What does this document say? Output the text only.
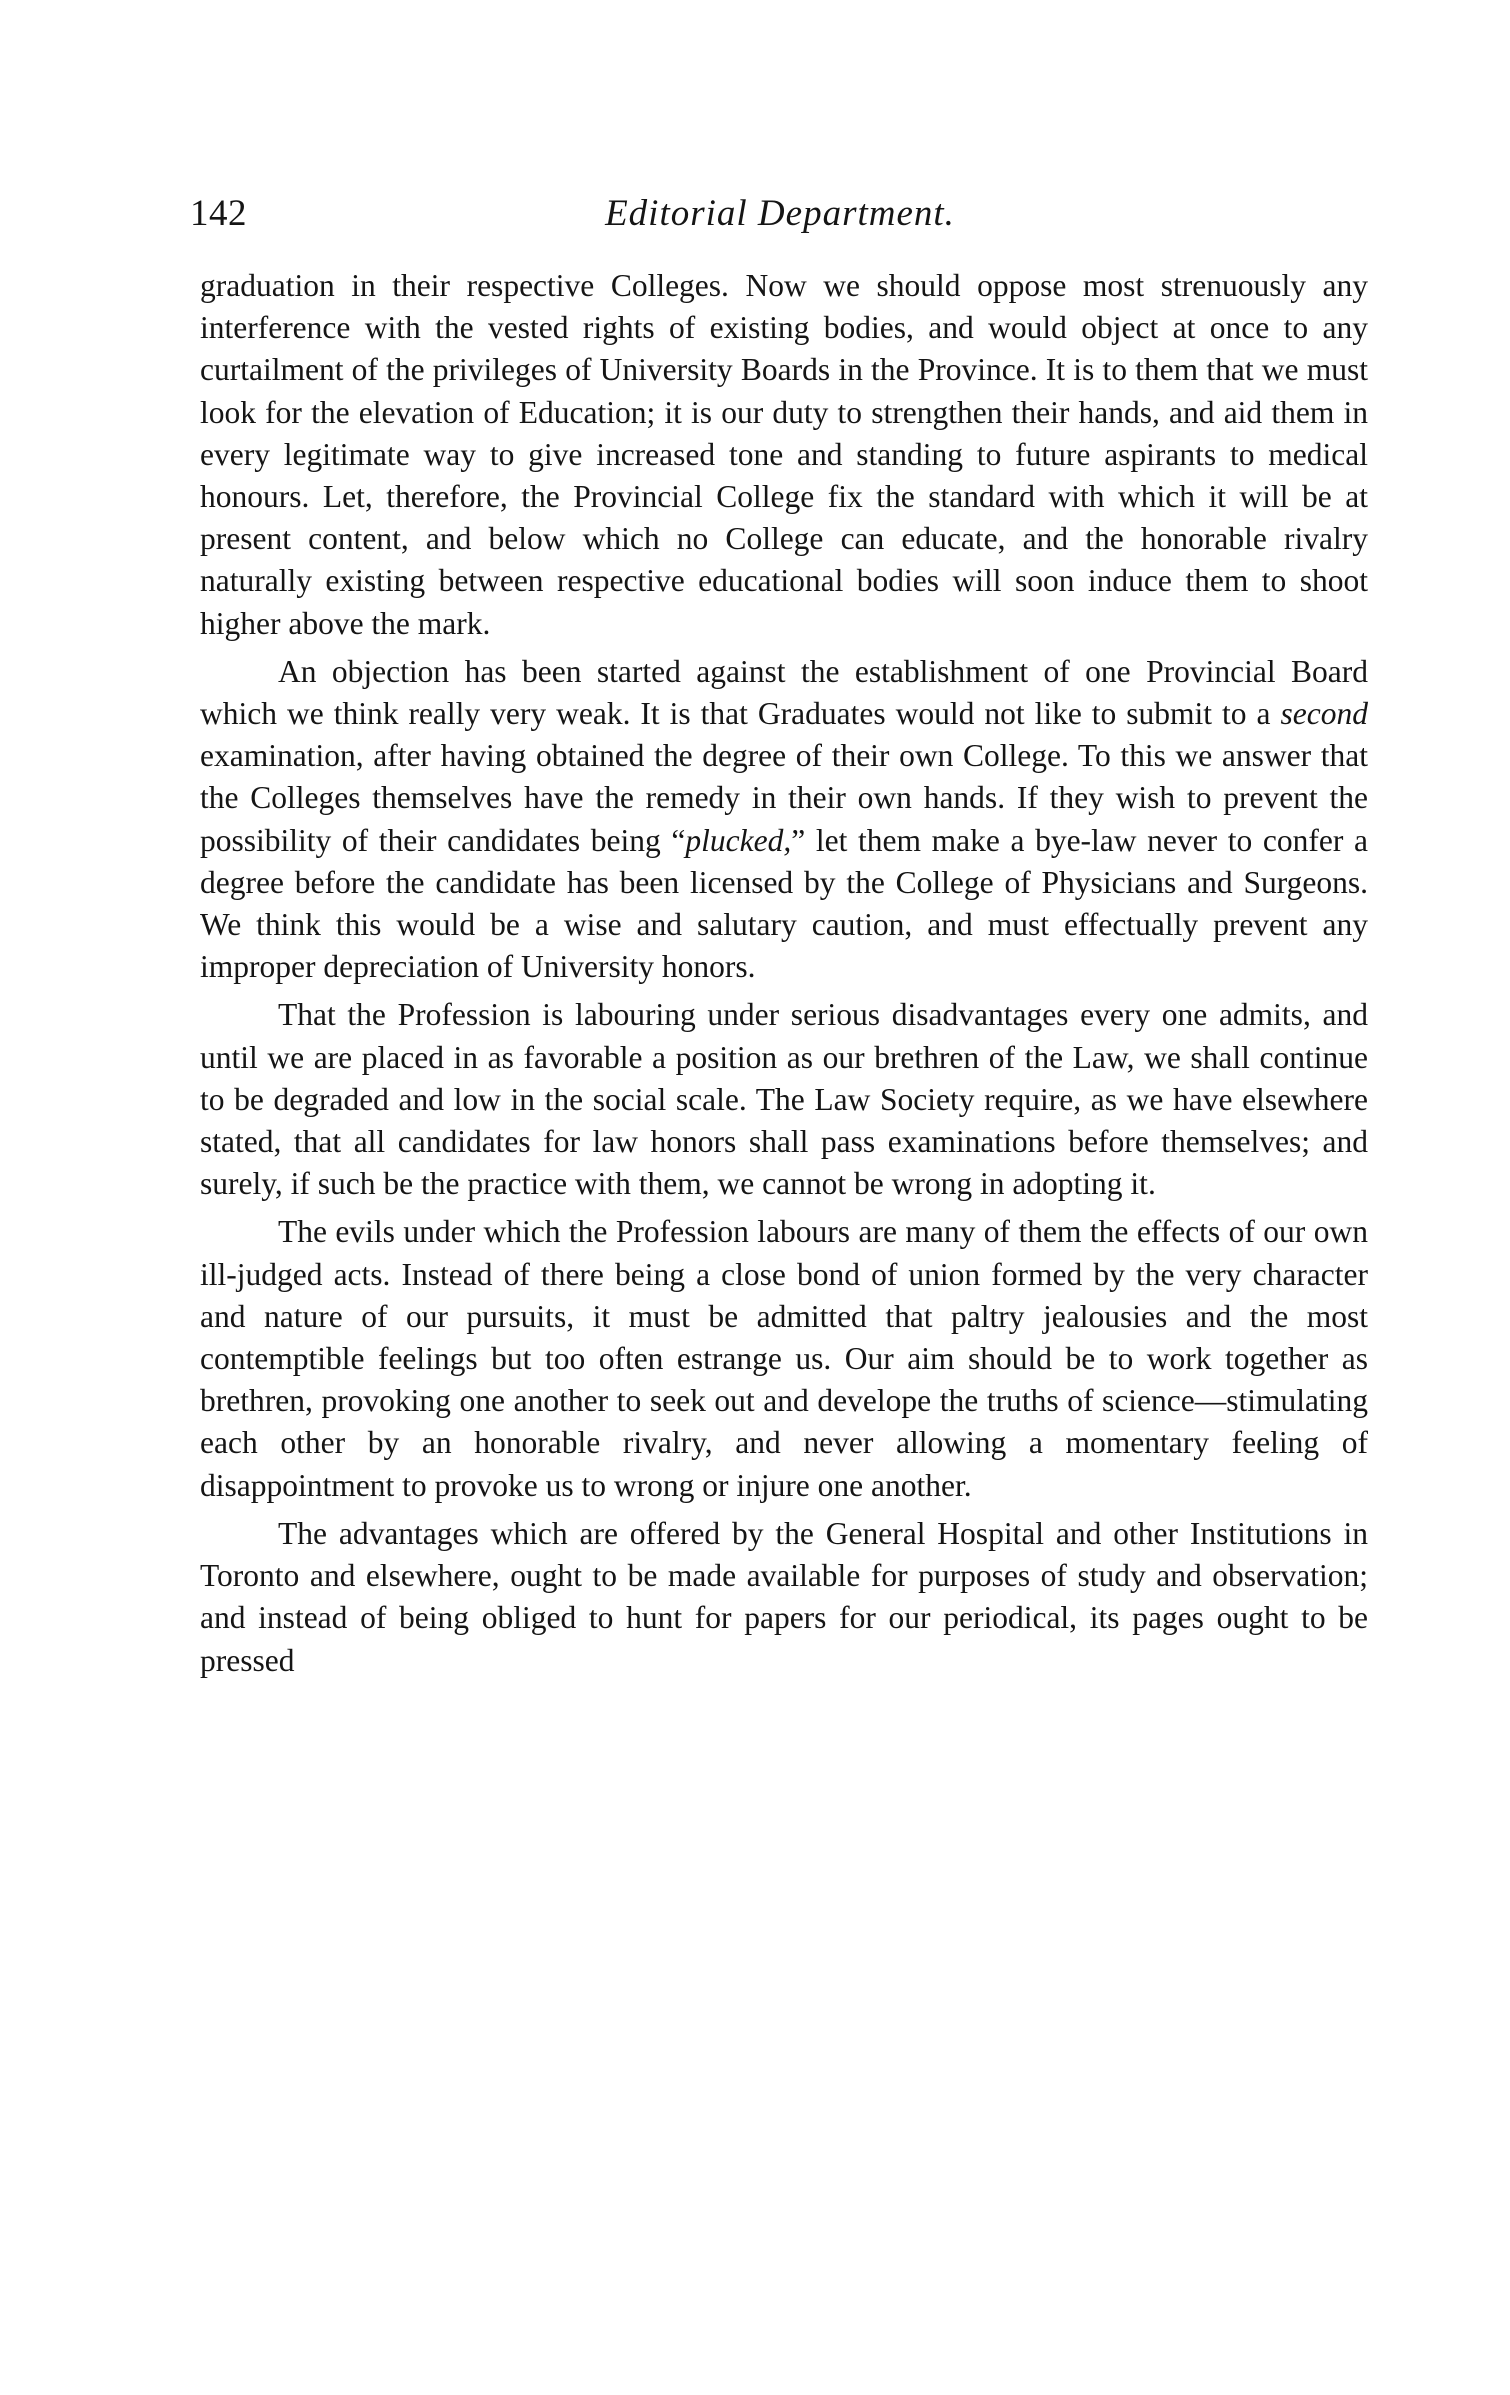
142	Editorial Department.

graduation in their respective Colleges. Now we should oppose most strenuously any interference with the vested rights of existing bodies, and would object at once to any curtailment of the privileges of University Boards in the Province. It is to them that we must look for the elevation of Education; it is our duty to strengthen their hands, and aid them in every legitimate way to give increased tone and standing to future aspirants to medical honours. Let, therefore, the Provincial College fix the standard with which it will be at present content, and below which no College can educate, and the honorable rivalry naturally existing between respective educational bodies will soon induce them to shoot higher above the mark.

An objection has been started against the establishment of one Provincial Board which we think really very weak. It is that Graduates would not like to submit to a second examination, after having obtained the degree of their own College. To this we answer that the Colleges themselves have the remedy in their own hands. If they wish to prevent the possibility of their candidates being “plucked,” let them make a bye-law never to confer a degree before the candidate has been licensed by the College of Physicians and Surgeons. We think this would be a wise and salutary caution, and must effectually prevent any improper depreciation of University honors.

That the Profession is labouring under serious disadvantages every one admits, and until we are placed in as favorable a position as our brethren of the Law, we shall continue to be degraded and low in the social scale. The Law Society require, as we have elsewhere stated, that all candidates for law honors shall pass examinations before themselves; and surely, if such be the practice with them, we cannot be wrong in adopting it.

The evils under which the Profession labours are many of them the effects of our own ill-judged acts. Instead of there being a close bond of union formed by the very character and nature of our pursuits, it must be admitted that paltry jealousies and the most contemptible feelings but too often estrange us. Our aim should be to work together as brethren, provoking one another to seek out and develope the truths of science—stimulating each other by an honorable rivalry, and never allowing a momentary feeling of disappointment to provoke us to wrong or injure one another.

The advantages which are offered by the General Hospital and other Institutions in Toronto and elsewhere, ought to be made available for purposes of study and observation; and instead of being obliged to hunt for papers for our periodical, its pages ought to be pressed
